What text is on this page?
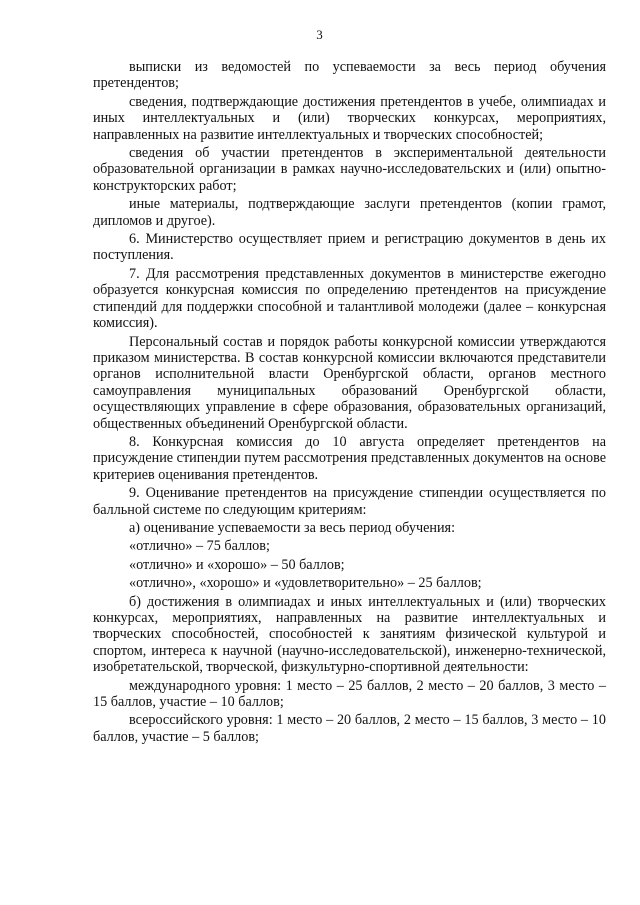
3

выписки из ведомостей по успеваемости за весь период обучения претендентов;

сведения, подтверждающие достижения претендентов в учебе, олимпиадах и иных интеллектуальных и (или) творческих конкурсах, мероприятиях, направленных на развитие интеллектуальных и творческих способностей;

сведения об участии претендентов в экспериментальной деятельности образовательной организации в рамках научно-исследовательских и (или) опытно-конструкторских работ;

иные материалы, подтверждающие заслуги претендентов (копии грамот, дипломов и другое).

6. Министерство осуществляет прием и регистрацию документов в день их поступления.

7. Для рассмотрения представленных документов в министерстве ежегодно образуется конкурсная комиссия по определению претендентов на присуждение стипендий для поддержки способной и талантливой молодежи (далее – конкурсная комиссия).

Персональный состав и порядок работы конкурсной комиссии утверждаются приказом министерства. В состав конкурсной комиссии включаются представители органов исполнительной власти Оренбургской области, органов местного самоуправления муниципальных образований Оренбургской области, осуществляющих управление в сфере образования, образовательных организаций, общественных объединений Оренбургской области.

8. Конкурсная комиссия до 10 августа определяет претендентов на присуждение стипендии путем рассмотрения представленных документов на основе критериев оценивания претендентов.

9. Оценивание претендентов на присуждение стипендии осуществляется по балльной системе по следующим критериям:

а) оценивание успеваемости за весь период обучения:

«отлично» – 75 баллов;

«отлично» и «хорошо» – 50 баллов;

«отлично», «хорошо» и «удовлетворительно» – 25 баллов;

б) достижения в олимпиадах и иных интеллектуальных и (или) творческих конкурсах, мероприятиях, направленных на развитие интеллектуальных и творческих способностей, способностей к занятиям физической культурой и спортом, интереса к научной (научно-исследовательской), инженерно-технической, изобретательской, творческой, физкультурно-спортивной деятельности:

международного уровня: 1 место – 25 баллов, 2 место – 20 баллов, 3 место – 15 баллов, участие – 10 баллов;

всероссийского уровня: 1 место – 20 баллов, 2 место – 15 баллов, 3 место – 10 баллов, участие – 5 баллов;
